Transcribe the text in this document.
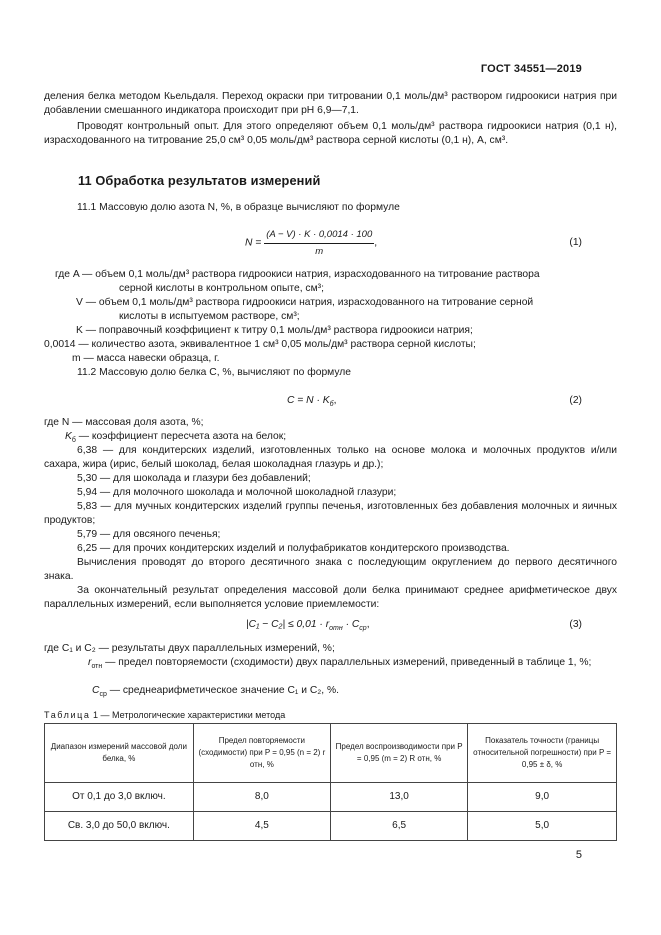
ГОСТ 34551—2019
деления белка методом Кьельдаля. Переход окраски при титровании 0,1 моль/дм³ раствором гидроокиси натрия при добавлении смешанного индикатора происходит при pH 6,9—7,1.
Проводят контрольный опыт. Для этого определяют объем 0,1 моль/дм³ раствора гидроокиси натрия (0,1 н), израсходованного на титрование 25,0 см³ 0,05 моль/дм³ раствора серной кислоты (0,1 н), A, см³.
11 Обработка результатов измерений
11.1 Массовую долю азота N, %, в образце вычисляют по формуле
$N = \frac{(A - V) \cdot K \cdot 0,0014 \cdot 100}{m}$ ,	(1)
где A — объем 0,1 моль/дм³ раствора гидроокиси натрия, израсходованного на титрование раствора
серной кислоты в контрольном опыте, см³;
V — объем 0,1 моль/дм³ раствора гидроокиси натрия, израсходованного на титрование серной
кислоты в испытуемом растворе, см³;
K — поправочный коэффициент к титру 0,1 моль/дм³ раствора гидроокиси натрия;
0,0014 — количество азота, эквивалентное 1 см³ 0,05 моль/дм³ раствора серной кислоты;
m — масса навески образца, г.
11.2 Массовую долю белка C, %, вычисляют по формуле
$C = N \cdot K_б$,	(2)
где N — массовая доля азота, %;
$K_б$ — коэффициент пересчета азота на белок;
6,38 — для кондитерских изделий, изготовленных только на основе молока и молочных продуктов и/или сахара, жира (ирис, белый шоколад, белая шоколадная глазурь и др.);
5,30 — для шоколада и глазури без добавлений;
5,94 — для молочного шоколада и молочной шоколадной глазури;
5,83 — для мучных кондитерских изделий группы печенья, изготовленных без добавления молочных и яичных продуктов;
5,79 — для овсяного печенья;
6,25 — для прочих кондитерских изделий и полуфабрикатов кондитерского производства.
Вычисления проводят до второго десятичного знака с последующим округлением до первого десятичного знака.
За окончательный результат определения массовой доли белка принимают среднее арифметическое двух параллельных измерений, если выполняется условие приемлемости:
$|C_1 - C_2| \le 0,01 \cdot r_{отн} \cdot C_{ср}$,	(3)
где C₁ и C₂ — результаты двух параллельных измерений, %;
$r_{отн}$ — предел повторяемости (сходимости) двух параллельных измерений, приведенный в таблице 1, %;
$C_{ср}$ — среднеарифметическое значение C₁ и C₂, %.
Таблица 1 — Метрологические характеристики метода
Диапазон измерений массовой доли белка, %	Предел повторяемости (сходимости) при P = 0,95 (n = 2) r отн, %	Предел воспроизводимости при P = 0,95 (m = 2) R отн, %	Показатель точности (границы относительной погрешности) при P = 0,95 ± δ, %
От 0,1 до 3,0 включ.	8,0	13,0	9,0
Св. 3,0 до 50,0 включ.	4,5	6,5	5,0
5
